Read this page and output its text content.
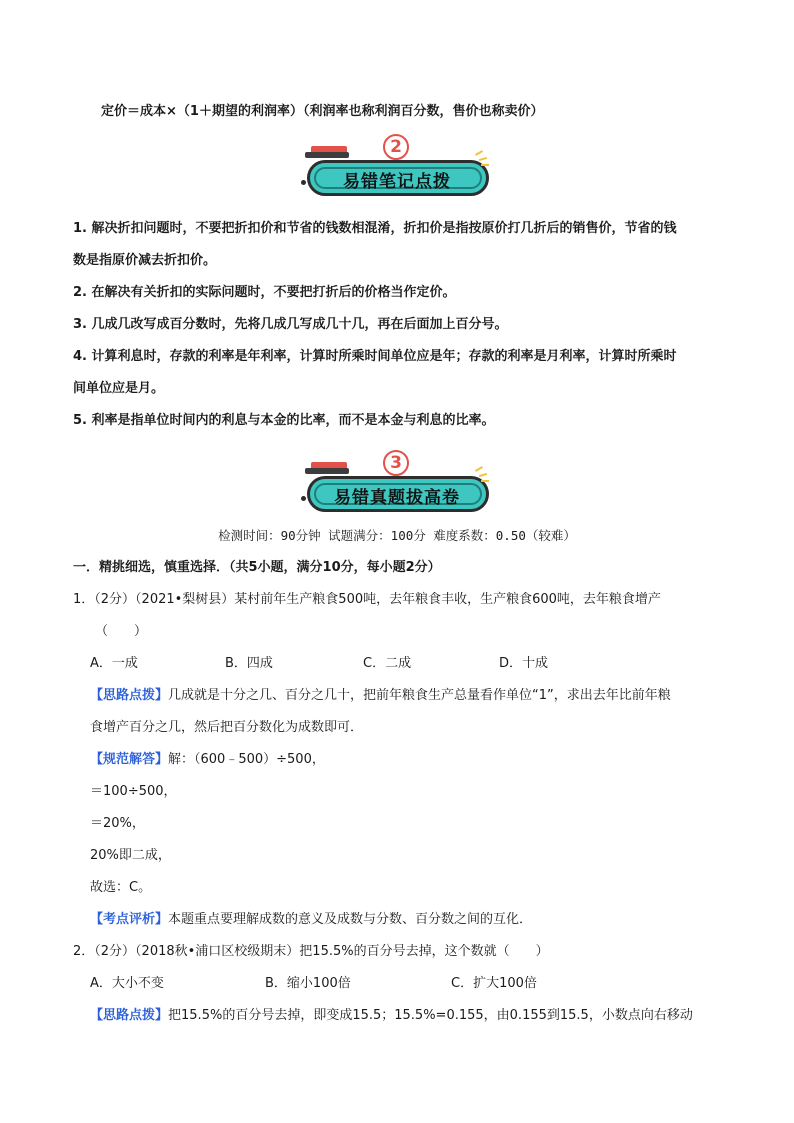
定价＝成本×（1＋期望的利润率）（利润率也称利润百分数，售价也称卖价）
易错笔记点拨
2
1. 解决折扣问题时，不要把折扣价和节省的钱数相混淆，折扣价是指按原价打几折后的销售价，节省的钱
数是指原价减去折扣价。
2. 在解决有关折扣的实际问题时，不要把打折后的价格当作定价。
3. 几成几改写成百分数时，先将几成几写成几十几，再在后面加上百分号。
4. 计算利息时，存款的利率是年利率，计算时所乘时间单位应是年；存款的利率是月利率，计算时所乘时
间单位应是月。
5. 利率是指单位时间内的利息与本金的比率，而不是本金与利息的比率。
易错真题拔高卷
3
检测时间：90分钟 试题满分：100分 难度系数：0.50（较难）
一．精挑细选，慎重选择．（共5小题，满分10分，每小题2分）
1．（2分）（2021•梨树县）某村前年生产粮食500吨，去年粮食丰收，生产粮食600吨，去年粮食增产
（　　）
A．一成	B．四成	C．二成	D．十成
【思路点拨】几成就是十分之几、百分之几十，把前年粮食生产总量看作单位“1”，求出去年比前年粮
食增产百分之几，然后把百分数化为成数即可．
【规范解答】解：（600﹣500）÷500，
＝100÷500，
＝20%，
20%即二成，
故选：C。
【考点评析】本题重点要理解成数的意义及成数与分数、百分数之间的互化．
2．（2分）（2018秋•浦口区校级期末）把15.5%的百分号去掉，这个数就（　　）
A．大小不变	B．缩小100倍	C．扩大100倍
【思路点拨】把15.5%的百分号去掉，即变成15.5；15.5%=0.155，由0.155到15.5，小数点向右移动
